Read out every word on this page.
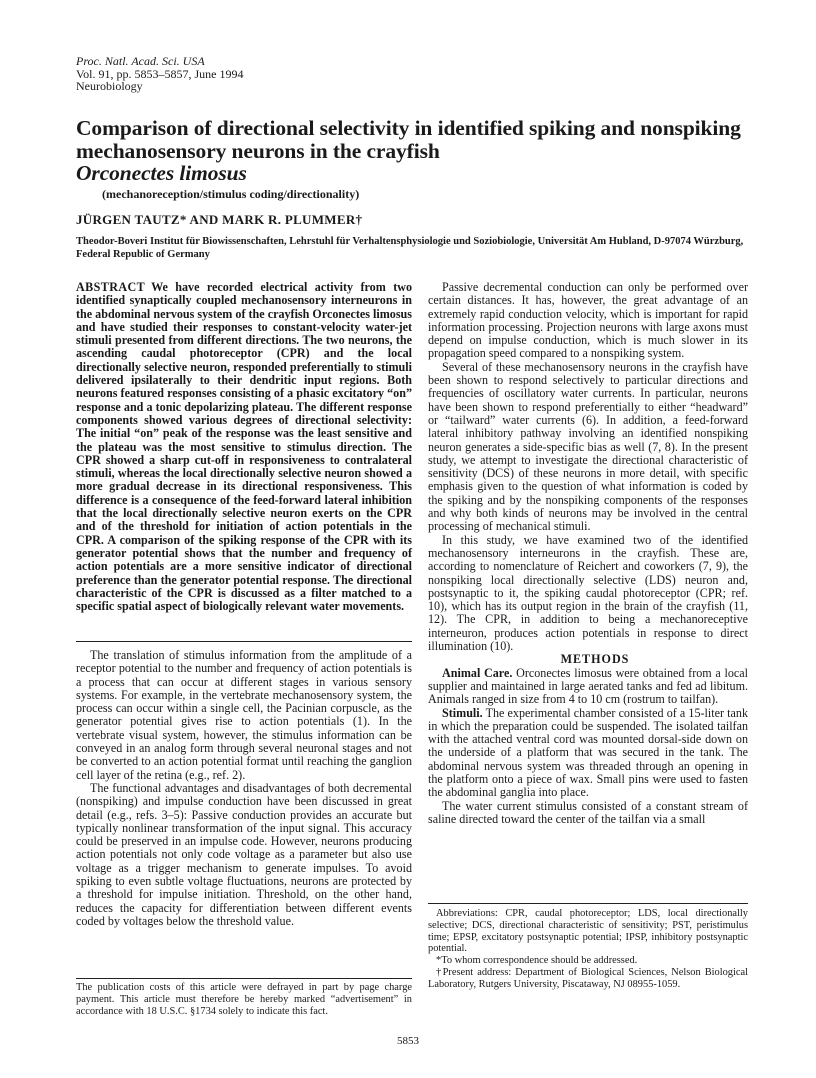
Proc. Natl. Acad. Sci. USA
Vol. 91, pp. 5853–5857, June 1994
Neurobiology
Comparison of directional selectivity in identified spiking and nonspiking mechanosensory neurons in the crayfish
Orconectes limosus
(mechanoreception/stimulus coding/directionality)
JÜRGEN TAUTZ* AND MARK R. PLUMMER†
Theodor-Boveri Institut für Biowissenschaften, Lehrstuhl für Verhaltensphysiologie und Soziobiologie, Universität Am Hubland, D-97074 Würzburg, Federal Republic of Germany

ABSTRACT We have recorded electrical activity from two identified synaptically coupled mechanosensory interneurons in the abdominal nervous system of the crayfish Orconectes limosus and have studied their responses to constant-velocity water-jet stimuli presented from different directions. The two neurons, the ascending caudal photoreceptor (CPR) and the local directionally selective neuron, responded preferentially to stimuli delivered ipsilaterally to their dendritic input regions. Both neurons featured responses consisting of a phasic excitatory “on” response and a tonic depolarizing plateau. The different response components showed various degrees of directional selectivity: The initial “on” peak of the response was the least sensitive and the plateau was the most sensitive to stimulus direction. The CPR showed a sharp cut-off in responsiveness to contralateral stimuli, whereas the local directionally selective neuron showed a more gradual decrease in its directional responsiveness. This difference is a consequence of the feed-forward lateral inhibition that the local directionally selective neuron exerts on the CPR and of the threshold for initiation of action potentials in the CPR. A comparison of the spiking response of the CPR with its generator potential shows that the number and frequency of action potentials are a more sensitive indicator of directional preference than the generator potential response. The directional characteristic of the CPR is discussed as a filter matched to a specific spatial aspect of biologically relevant water movements.

The translation of stimulus information from the amplitude of a receptor potential to the number and frequency of action potentials is a process that can occur at different stages in various sensory systems. For example, in the vertebrate mechanosensory system, the process can occur within a single cell, the Pacinian corpuscle, as the generator potential gives rise to action potentials (1). In the vertebrate visual system, however, the stimulus information can be conveyed in an analog form through several neuronal stages and not be converted to an action potential format until reaching the ganglion cell layer of the retina (e.g., ref. 2).

The functional advantages and disadvantages of both decremental (nonspiking) and impulse conduction have been discussed in great detail (e.g., refs. 3–5): Passive conduction provides an accurate but typically nonlinear transformation of the input signal. This accuracy could be preserved in an impulse code. However, neurons producing action potentials not only code voltage as a parameter but also use voltage as a trigger mechanism to generate impulses. To avoid spiking to even subtle voltage fluctuations, neurons are protected by a threshold for impulse initiation. Threshold, on the other hand, reduces the capacity for differentiation between different events coded by voltages below the threshold value.

The publication costs of this article were defrayed in part by page charge payment. This article must therefore be hereby marked “advertisement” in accordance with 18 U.S.C. §1734 solely to indicate this fact.

Passive decremental conduction can only be performed over certain distances. It has, however, the great advantage of an extremely rapid conduction velocity, which is important for rapid information processing. Projection neurons with large axons must depend on impulse conduction, which is much slower in its propagation speed compared to a nonspiking system.

Several of these mechanosensory neurons in the crayfish have been shown to respond selectively to particular directions and frequencies of oscillatory water currents. In particular, neurons have been shown to respond preferentially to either “headward” or “tailward” water currents (6). In addition, a feed-forward lateral inhibitory pathway involving an identified nonspiking neuron generates a side-specific bias as well (7, 8). In the present study, we attempt to investigate the directional characteristic of sensitivity (DCS) of these neurons in more detail, with specific emphasis given to the question of what information is coded by the spiking and by the nonspiking components of the responses and why both kinds of neurons may be involved in the central processing of mechanical stimuli.

In this study, we have examined two of the identified mechanosensory interneurons in the crayfish. These are, according to nomenclature of Reichert and coworkers (7, 9), the nonspiking local directionally selective (LDS) neuron and, postsynaptic to it, the spiking caudal photoreceptor (CPR; ref. 10), which has its output region in the brain of the crayfish (11, 12). The CPR, in addition to being a mechanoreceptive interneuron, produces action potentials in response to direct illumination (10).

METHODS

Animal Care. Orconectes limosus were obtained from a local supplier and maintained in large aerated tanks and fed ad libitum. Animals ranged in size from 4 to 10 cm (rostrum to tailfan).

Stimuli. The experimental chamber consisted of a 15-liter tank in which the preparation could be suspended. The isolated tailfan with the attached ventral cord was mounted dorsal-side down on the underside of a platform that was secured in the tank. The abdominal nervous system was threaded through an opening in the platform onto a piece of wax. Small pins were used to fasten the abdominal ganglia into place.

The water current stimulus consisted of a constant stream of saline directed toward the center of the tailfan via a small

Abbreviations: CPR, caudal photoreceptor; LDS, local directionally selective; DCS, directional characteristic of sensitivity; PST, peristimulus time; EPSP, excitatory postsynaptic potential; IPSP, inhibitory postsynaptic potential.
*To whom correspondence should be addressed.
†Present address: Department of Biological Sciences, Nelson Biological Laboratory, Rutgers University, Piscataway, NJ 08955-1059.
5853
